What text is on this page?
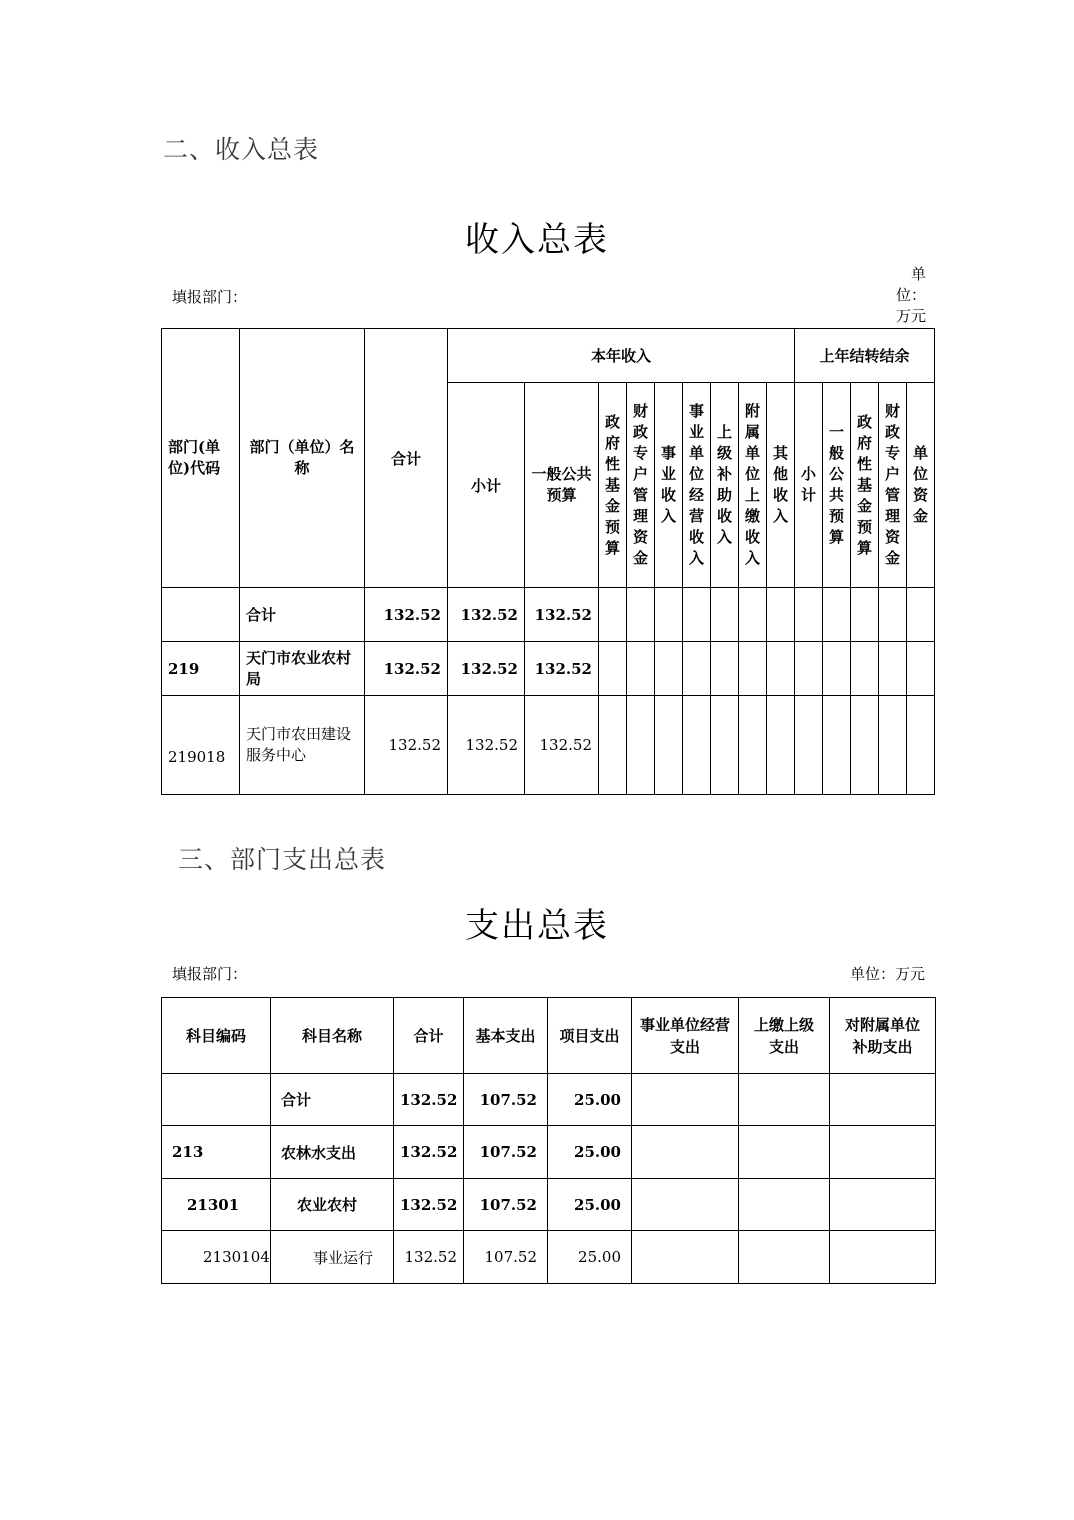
二、收入总表
收入总表
填报部门：
单位：万元
部门(单位)代码	部门（单位）名称	合计	本年收入									上年结转结余				
			小计	一般公共预算	政府性基金预算	财政专户管理资金	事业收入	事业单位经营收入	上级补助收入	附属单位上缴收入	其他收入	小计	一般公共预算	政府性基金预算	财政专户管理资金	单位资金
	合计	132.52	132.52	132.52												
219	天门市农业农村局	132.52	132.52	132.52												
219018	天门市农田建设服务中心	132.52	132.52	132.52												
三、部门支出总表
支出总表
填报部门：	单位：万元
科目编码	科目名称	合计	基本支出	项目支出	事业单位经营支出	上缴上级支出	对附属单位补助支出
	合计	132.52	107.52	25.00			
213	农林水支出	132.52	107.52	25.00			
21301	农业农村	132.52	107.52	25.00			
2130104	事业运行	132.52	107.52	25.00			
